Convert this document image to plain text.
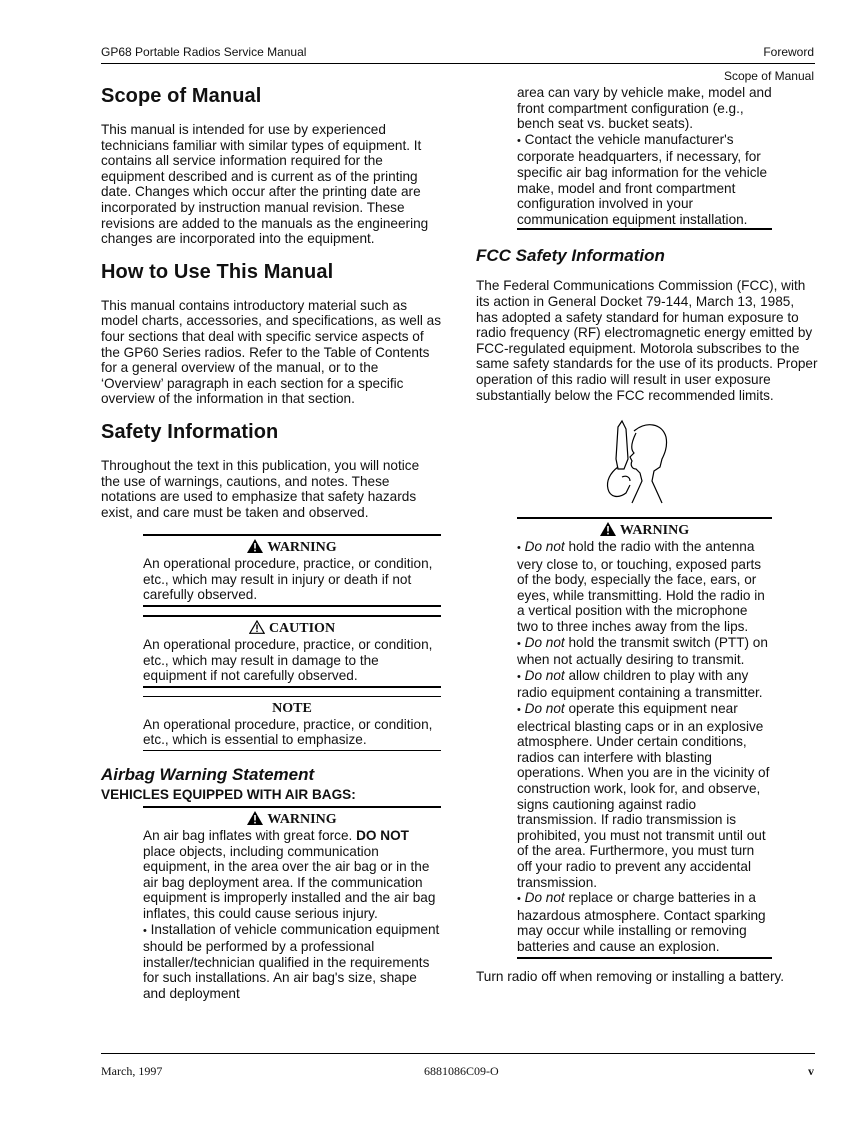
GP68 Portable Radios Service Manual	Foreword
Scope of Manual
Scope of Manual

This manual is intended for use by experienced technicians familiar with similar types of equipment. It contains all service information required for the equipment described and is current as of the printing date. Changes which occur after the printing date are incorporated by instruction manual revision. These revisions are added to the manuals as the engineering changes are incorporated into the equipment.

How to Use This Manual

This manual contains introductory material such as model charts, accessories, and specifications, as well as four sections that deal with specific service aspects of the GP60 Series radios. Refer to the Table of Contents for a general overview of the manual, or to the ‘Overview’ paragraph in each section for a specific overview of the information in that section.

Safety Information

Throughout the text in this publication, you will notice the use of warnings, cautions, and notes. These notations are used to emphasize that safety hazards exist, and care must be taken and observed.

WARNING

An operational procedure, practice, or condition, etc., which may result in injury or death if not carefully observed.

CAUTION

An operational procedure, practice, or condition, etc., which may result in damage to the equipment if not carefully observed.

NOTE

An operational procedure, practice, or condition, etc., which is essential to emphasize.

Airbag Warning Statement
VEHICLES EQUIPPED WITH AIR BAGS:
WARNING

An air bag inflates with great force. DO NOT place objects, including communication equipment, in the area over the air bag or in the air bag deployment area. If the communication equipment is improperly installed and the air bag inflates, this could cause serious injury.

• Installation of vehicle communication equipment should be performed by a professional installer/technician qualified in the requirements for such installations. An air bag's size, shape and deployment

area can vary by vehicle make, model and front compartment configuration (e.g., bench seat vs. bucket seats).

• Contact the vehicle manufacturer's corporate headquarters, if necessary, for specific air bag information for the vehicle make, model and front compartment configuration involved in your communication equipment installation.

FCC Safety Information

The Federal Communications Commission (FCC), with its action in General Docket 79-144, March 13, 1985, has adopted a safety standard for human exposure to radio frequency (RF) electromagnetic energy emitted by FCC-regulated equipment. Motorola subscribes to the same safety standards for the use of its products. Proper operation of this radio will result in user exposure substantially below the FCC recommended limits.

WARNING

• Do not hold the radio with the antenna very close to, or touching, exposed parts of the body, especially the face, ears, or eyes, while transmitting. Hold the radio in a vertical position with the microphone two to three inches away from the lips.

• Do not hold the transmit switch (PTT) on when not actually desiring to transmit.

• Do not allow children to play with any radio equipment containing a transmitter.

• Do not operate this equipment near electrical blasting caps or in an explosive atmosphere. Under certain conditions, radios can interfere with blasting operations. When you are in the vicinity of construction work, look for, and observe, signs cautioning against radio transmission. If radio transmission is prohibited, you must not transmit until out of the area. Furthermore, you must turn off your radio to prevent any accidental transmission.

• Do not replace or charge batteries in a hazardous atmosphere. Contact sparking may occur while installing or removing batteries and cause an explosion.

Turn radio off when removing or installing a battery.

March, 1997	6881086C09-O	v
